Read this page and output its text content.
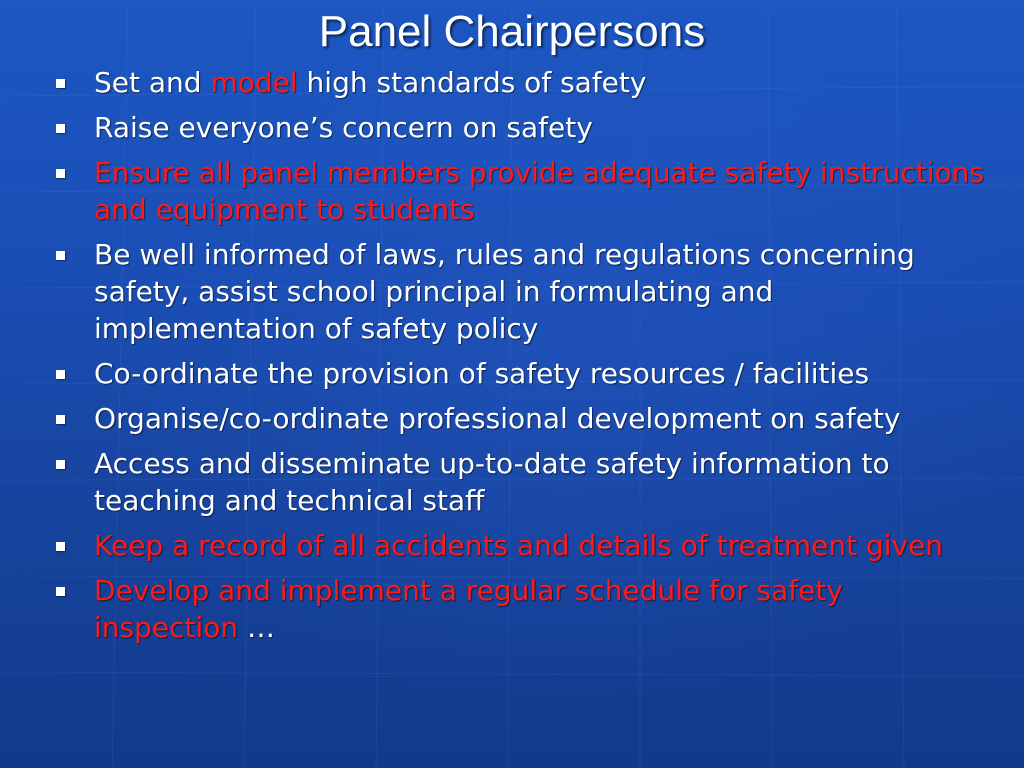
Panel Chairpersons
Set and model high standards of safety
Raise everyone’s concern on safety
Ensure all panel members provide adequate safety instructions and equipment to students
Be well informed of laws, rules and regulations concerning safety, assist school principal in formulating and implementation of safety policy
Co-ordinate the provision of safety resources / facilities
Organise/co-ordinate professional development on safety
Access and disseminate up-to-date safety information to teaching and technical staff
Keep a record of all accidents and details of treatment given
Develop and implement a regular schedule for safety inspection …
